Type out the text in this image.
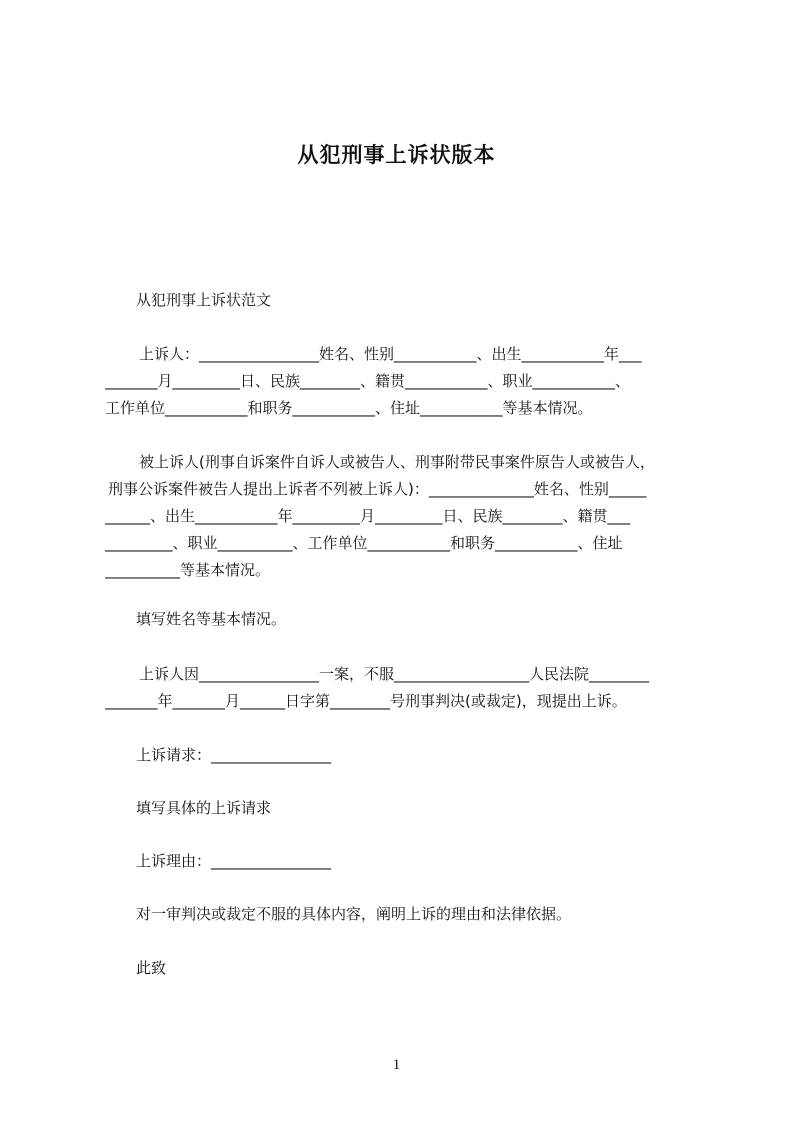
从犯刑事上诉状版本
从犯刑事上诉状范文
上诉人：________________姓名、性别___________、出生___________年___
_______月_________日、民族________、籍贯___________、职业___________、
工作单位___________和职务___________、住址___________等基本情况。
被上诉人(刑事自诉案件自诉人或被告人、刑事附带民事案件原告人或被告人，
刑事公诉案件被告人提出上诉者不列被上诉人)：______________姓名、性别_____
______、出生___________年_________月_________日、民族________、籍贯___
_________、职业__________、工作单位___________和职务___________、住址
__________等基本情况。
填写姓名等基本情况。
上诉人因________________一案，不服__________________人民法院________
_______年_______月______日字第________号刑事判决(或裁定)，现提出上诉。
上诉请求：________________
填写具体的上诉请求
上诉理由：________________
对一审判决或裁定不服的具体内容，阐明上诉的理由和法律依据。
此致
1
